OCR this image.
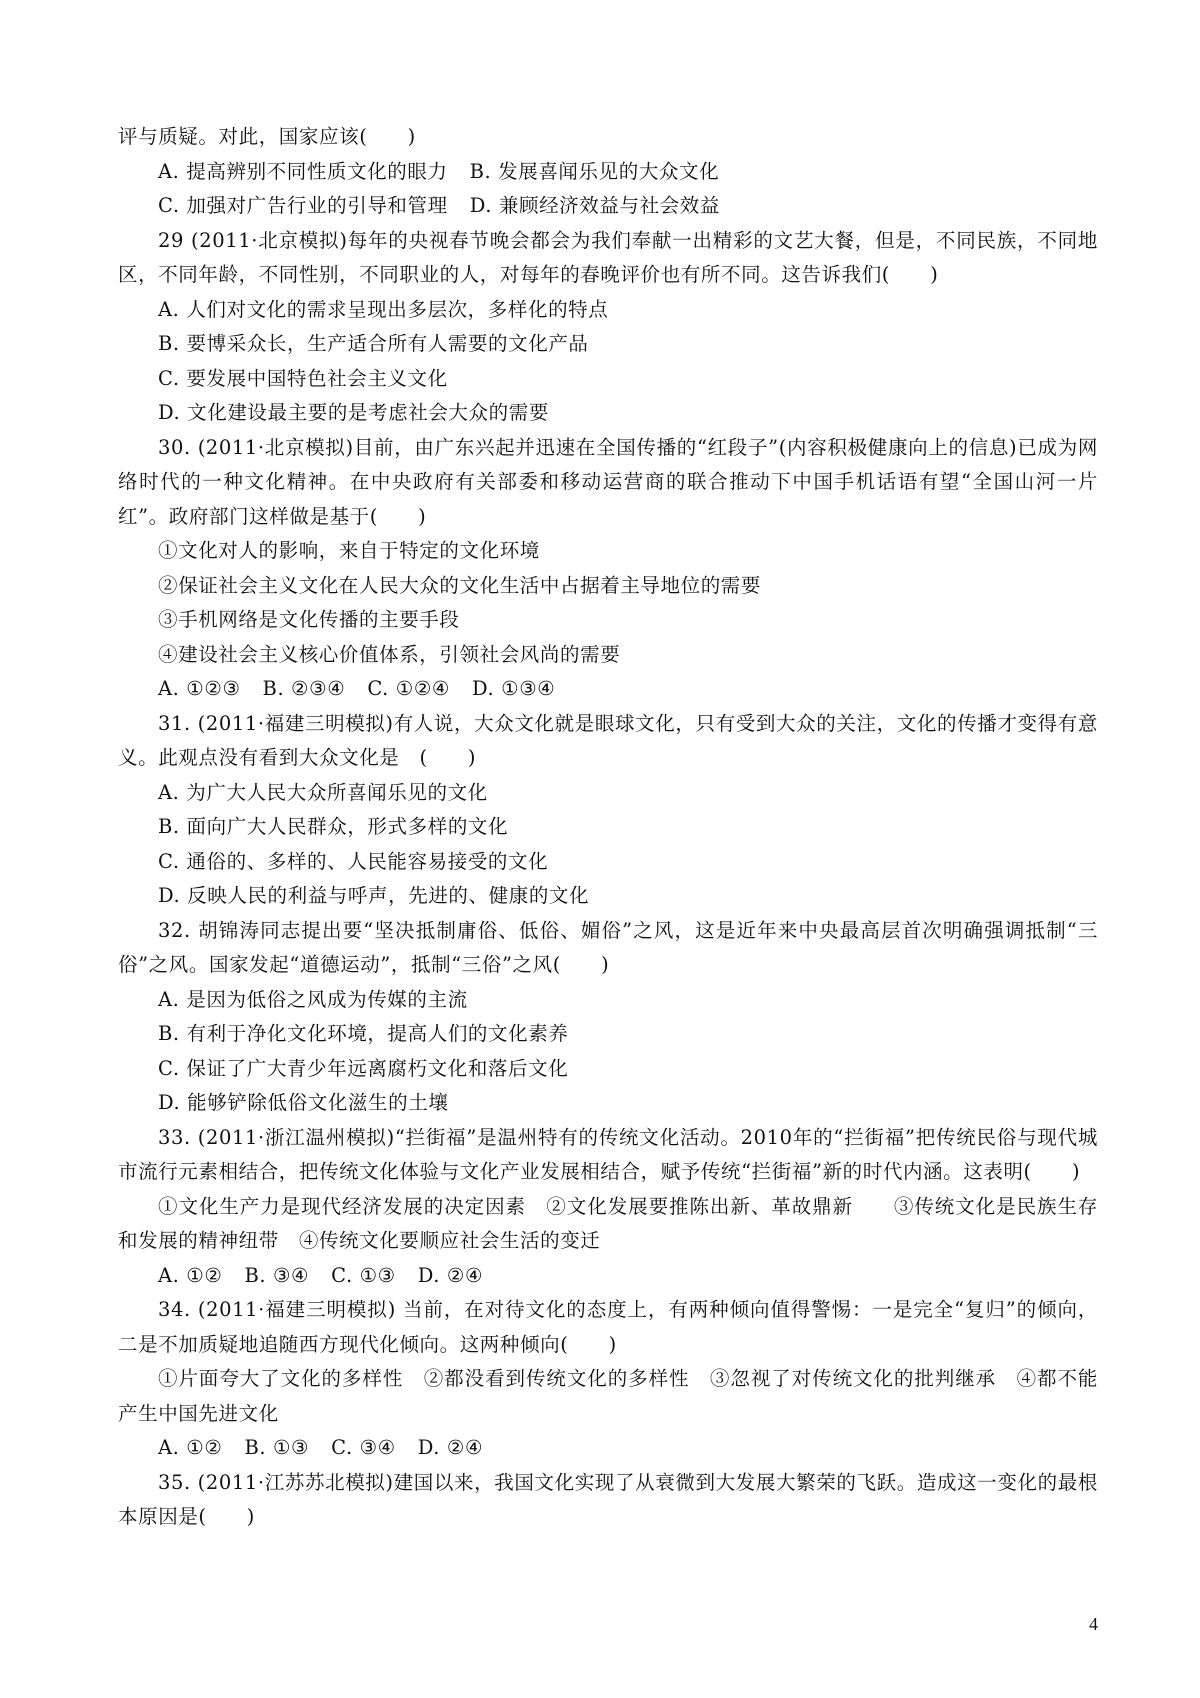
评与质疑。对此，国家应该(　　)

A. 提高辨别不同性质文化的眼力 B. 发展喜闻乐见的大众文化

C. 加强对广告行业的引导和管理 D. 兼顾经济效益与社会效益

29 (2011·北京模拟)每年的央视春节晚会都会为我们奉献一出精彩的文艺大餐，但是，不同民族，不同地区，不同年龄，不同性别，不同职业的人，对每年的春晚评价也有所不同。这告诉我们(　　)

A. 人们对文化的需求呈现出多层次，多样化的特点

B. 要博采众长，生产适合所有人需要的文化产品

C. 要发展中国特色社会主义文化

D. 文化建设最主要的是考虑社会大众的需要

30. (2011·北京模拟)目前，由广东兴起并迅速在全国传播的“红段子”(内容积极健康向上的信息)已成为网络时代的一种文化精神。在中央政府有关部委和移动运营商的联合推动下中国手机话语有望“全国山河一片红”。政府部门这样做是基于(　　)

①文化对人的影响，来自于特定的文化环境

②保证社会主义文化在人民大众的文化生活中占据着主导地位的需要

③手机网络是文化传播的主要手段

④建设社会主义核心价值体系，引领社会风尚的需要

A. ①②③ B. ②③④ C. ①②④ D. ①③④

31. (2011·福建三明模拟)有人说，大众文化就是眼球文化，只有受到大众的关注，文化的传播才变得有意义。此观点没有看到大众文化是　(　　)

A. 为广大人民大众所喜闻乐见的文化

B. 面向广大人民群众，形式多样的文化

C. 通俗的、多样的、人民能容易接受的文化

D. 反映人民的利益与呼声，先进的、健康的文化

32. 胡锦涛同志提出要“坚决抵制庸俗、低俗、媚俗”之风，这是近年来中央最高层首次明确强调抵制“三俗”之风。国家发起“道德运动”，抵制“三俗”之风(　　)

A. 是因为低俗之风成为传媒的主流

B. 有利于净化文化环境，提高人们的文化素养

C. 保证了广大青少年远离腐朽文化和落后文化

D. 能够铲除低俗文化滋生的土壤

33. (2011·浙江温州模拟)“拦街福”是温州特有的传统文化活动。2010年的“拦街福”把传统民俗与现代城市流行元素相结合，把传统文化体验与文化产业发展相结合，赋予传统“拦街福”新的时代内涵。这表明(　　)

①文化生产力是现代经济发展的决定因素　②文化发展要推陈出新、革故鼎新　　③传统文化是民族生存和发展的精神纽带　④传统文化要顺应社会生活的变迁

A. ①② B. ③④ C. ①③ D. ②④

34. (2011·福建三明模拟) 当前，在对待文化的态度上，有两种倾向值得警惕：一是完全“复归”的倾向，二是不加质疑地追随西方现代化倾向。这两种倾向(　　)

①片面夸大了文化的多样性　②都没看到传统文化的多样性　③忽视了对传统文化的批判继承　④都不能产生中国先进文化

A. ①② B. ①③ C. ③④ D. ②④

35. (2011·江苏苏北模拟)建国以来，我国文化实现了从衰微到大发展大繁荣的飞跃。造成这一变化的最根本原因是(　　)

4
